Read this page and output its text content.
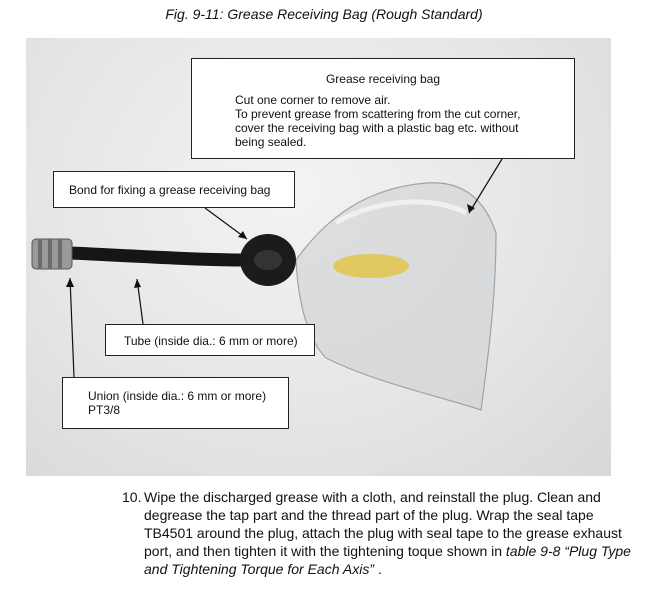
Fig. 9-11: Grease Receiving Bag (Rough Standard)
Grease receiving bag
Cut one corner to remove air.
To prevent grease from scattering from the cut corner,
cover the receiving bag with a plastic bag etc. without
being sealed.
Bond for fixing a grease receiving bag
Tube (inside dia.: 6 mm or more)
Union (inside dia.: 6 mm or more)
PT3/8
10. Wipe the discharged grease with a cloth, and reinstall the plug. Clean and degrease the tap part and the thread part of the plug. Wrap the seal tape TB4501 around the plug, attach the plug with seal tape to the grease exhaust port, and then tighten it with the tightening toque shown in table 9-8 “Plug Type and Tightening Torque for Each Axis” .
